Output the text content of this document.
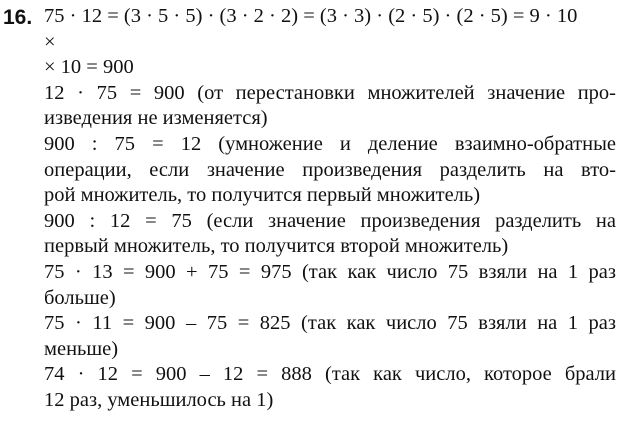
16. 75 · 12 = (3 · 5 · 5) · (3 · 2 · 2) = (3 · 3) · (2 · 5) · (2 · 5) = 9 · 10
×
× 10 = 900
12 · 75 = 900 (от перестановки множителей значение про-
изведения не изменяется)
900 : 75 = 12 (умножение и деление взаимно-обратные
операции, если значение произведения разделить на вто-
рой множитель, то получится первый множитель)
900 : 12 = 75 (если значение произведения разделить на
первый множитель, то получится второй множитель)
75 · 13 = 900 + 75 = 975 (так как число 75 взяли на 1 раз
больше)
75 · 11 = 900 – 75 = 825 (так как число 75 взяли на 1 раз
меньше)
74 · 12 = 900 – 12 = 888 (так как число, которое брали
12 раз, уменьшилось на 1)
